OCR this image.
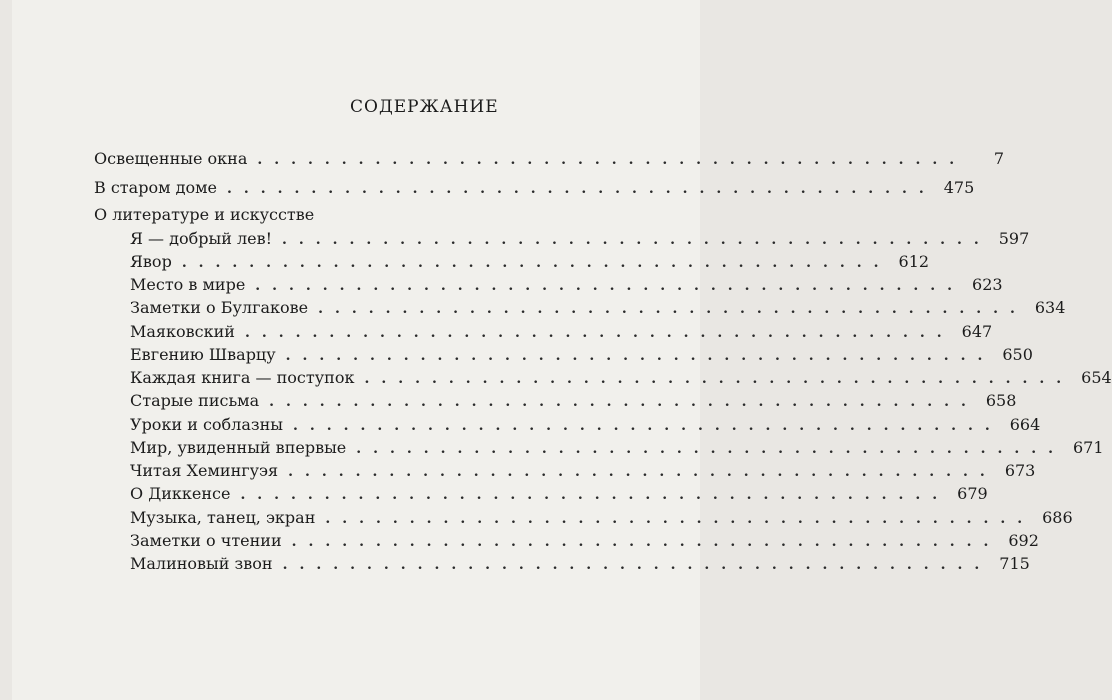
СОДЕРЖАНИЕ
Освещенные окна ..........................................	7
В старом доме .......................................... 475
О литературе и искусстве
Я — добрый лев! .......................................... 597
Явор .......................................... 612
Место в мире .......................................... 623
Заметки о Булгакове .......................................... 634
Маяковский .......................................... 647
Евгению Шварцу .......................................... 650
Каждая книга — поступок .......................................... 654
Старые письма .......................................... 658
Уроки и соблазны .......................................... 664
Мир, увиденный впервые .......................................... 671
Читая Хемингуэя .......................................... 673
О Диккенсе .......................................... 679
Музыка, танец, экран .......................................... 686
Заметки о чтении .......................................... 692
Малиновый звон .......................................... 715
